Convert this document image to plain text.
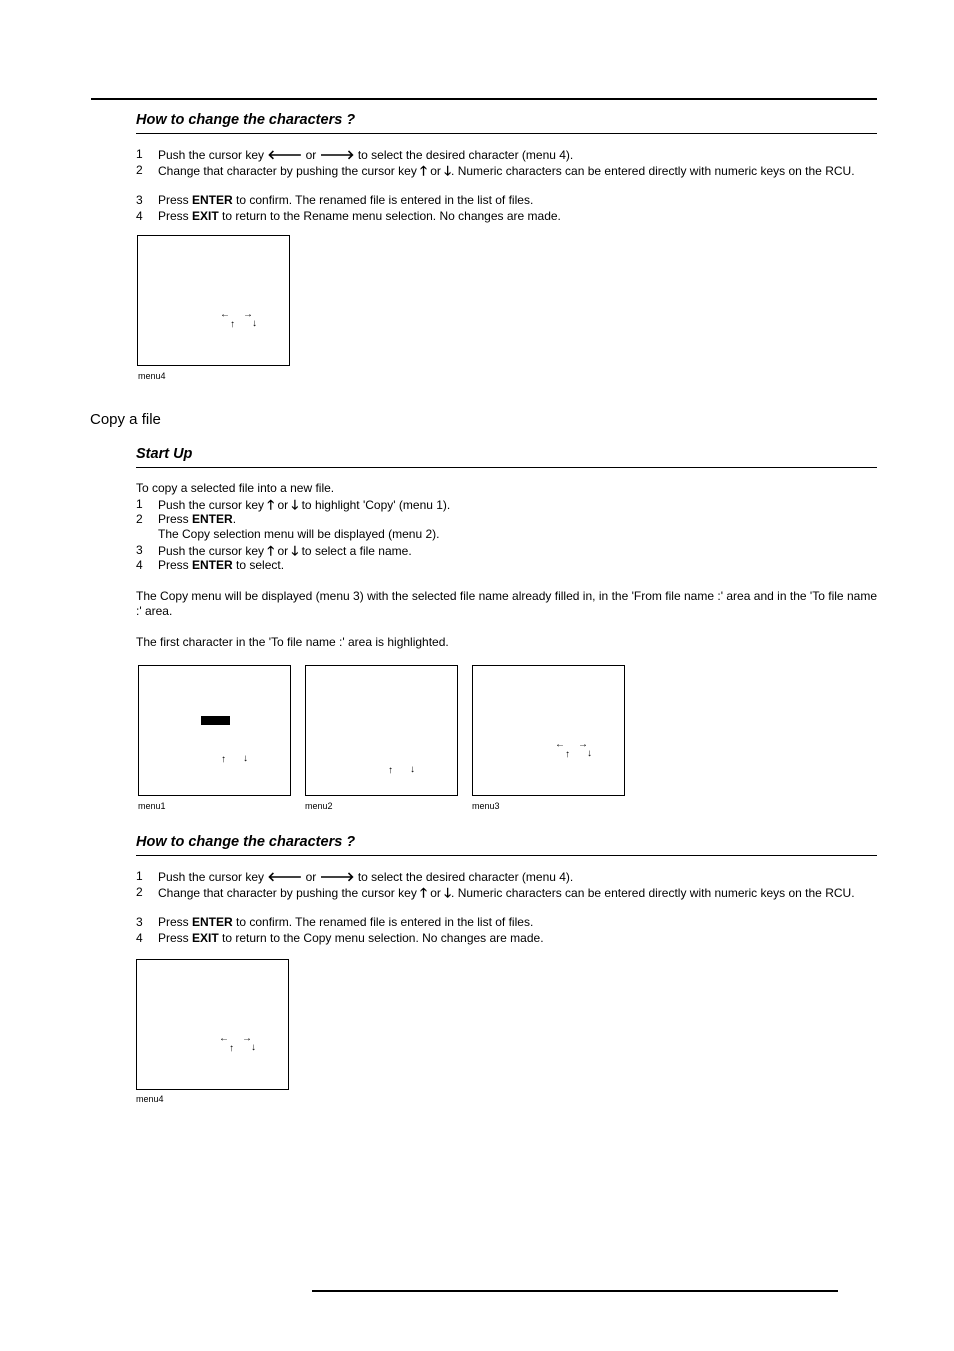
How to change the characters ?
1 Push the cursor key 🡐 or 🡒 to select the desired character (menu 4).
2 Change that character by pushing the cursor key 🡑 or 🡓. Numeric characters can be entered directly with numeric keys on the RCU.
3 Press ENTER to confirm. The renamed file is entered in the list of files.
4 Press EXIT to return to the Rename menu selection. No changes are made.
← →
↑ ↓
menu4
Copy a file
Start Up
To copy a selected file into a new file.
1 Push the cursor key 🡑 or 🡓 to highlight 'Copy' (menu 1).
2 Press ENTER.
The Copy selection menu will be displayed (menu 2).
3 Push the cursor key 🡑 or 🡓 to select a file name.
4 Press ENTER to select.
The Copy menu will be displayed (menu 3) with the selected file name already filled in, in the 'From file name :' area and in the 'To file name :' area.
The first character in the 'To file name :' area is highlighted.
↑ ↓
menu1
↑ ↓
menu2
← →
↑ ↓
menu3
How to change the characters ?
1 Push the cursor key 🡐 or 🡒 to select the desired character (menu 4).
2 Change that character by pushing the cursor key 🡑 or 🡓. Numeric characters can be entered directly with numeric keys on the RCU.
3 Press ENTER to confirm. The renamed file is entered in the list of files.
4 Press EXIT to return to the Copy menu selection. No changes are made.
← →
↑ ↓
menu4
